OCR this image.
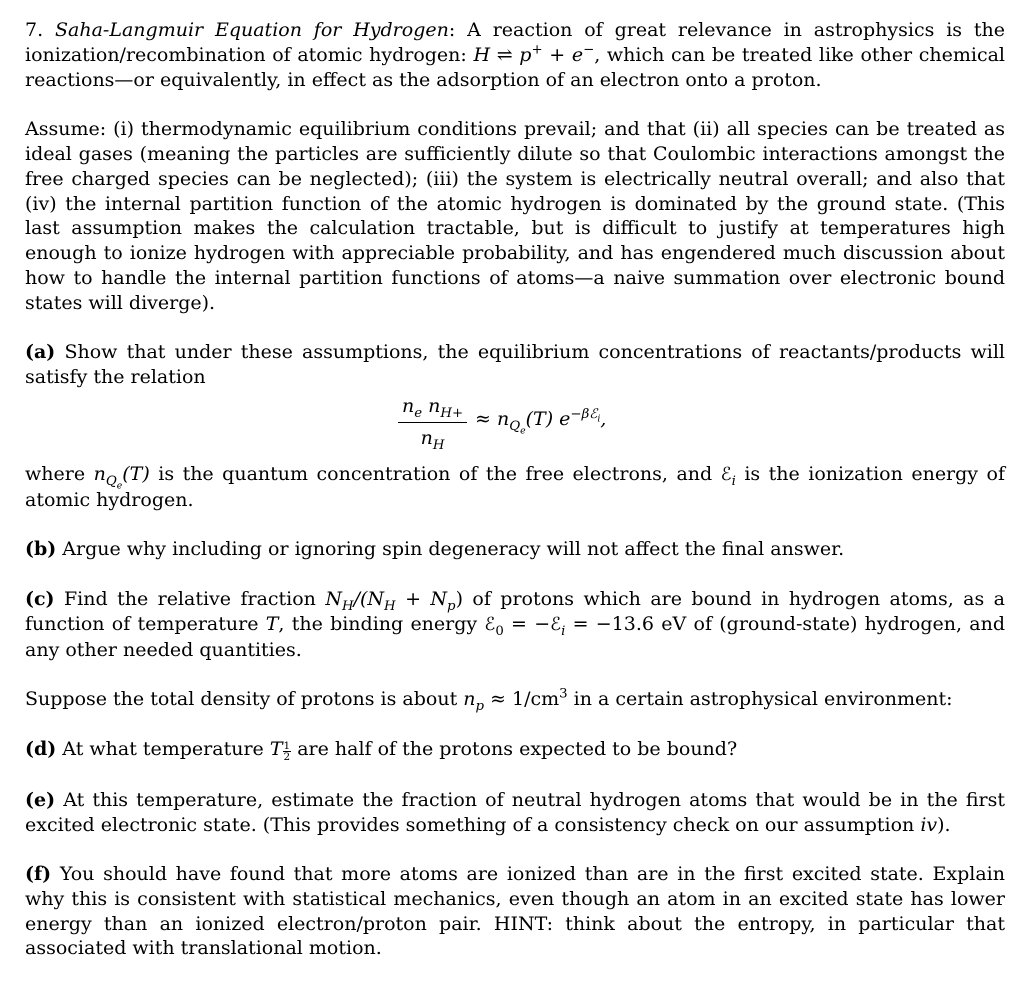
7. Saha-Langmuir Equation for Hydrogen: A reaction of great relevance in astrophysics is the ionization/recombination of atomic hydrogen: H ⇌ p+ + e−, which can be treated like other chemical reactions—or equivalently, in effect as the adsorption of an electron onto a proton.

Assume: (i) thermodynamic equilibrium conditions prevail; and that (ii) all species can be treated as ideal gases (meaning the particles are sufficiently dilute so that Coulombic interactions amongst the free charged species can be neglected); (iii) the system is electrically neutral overall; and also that (iv) the internal partition function of the atomic hydrogen is dominated by the ground state. (This last assumption makes the calculation tractable, but is difficult to justify at temperatures high enough to ionize hydrogen with appreciable probability, and has engendered much discussion about how to handle the internal partition functions of atoms—a naive summation over electronic bound states will diverge).

(a) Show that under these assumptions, the equilibrium concentrations of reactants/products will satisfy the relation

$\frac{n_e n_{H+}}{n_H} \approx n_{Q_e}(T)$ $e^{-\beta ℰ_i}$,

where $n_{Q_e}(T)$ is the quantum concentration of the free electrons, and ℰ$_i$ is the ionization energy of atomic hydrogen.

(b) Argue why including or ignoring spin degeneracy will not affect the final answer.

(c) Find the relative fraction $N_H/(N_H + N_p)$ of protons which are bound in hydrogen atoms, as a function of temperature T, the binding energy ℰ$_0$ = −ℰ$_i$ = −13.6 eV of (ground-state) hydrogen, and any other needed quantities.

Suppose the total density of protons is about $n_p \approx 1/cm^3$ in a certain astrophysical environment:

(d) At what temperature T $\frac{1}{2}$ are half of the protons expected to be bound?

(e) At this temperature, estimate the fraction of neutral hydrogen atoms that would be in the first excited electronic state. (This provides something of a consistency check on our assumption iv).

(f) You should have found that more atoms are ionized than are in the first excited state. Explain why this is consistent with statistical mechanics, even though an atom in an excited state has lower energy than an ionized electron/proton pair. HINT: think about the entropy, in particular that associated with translational motion.
